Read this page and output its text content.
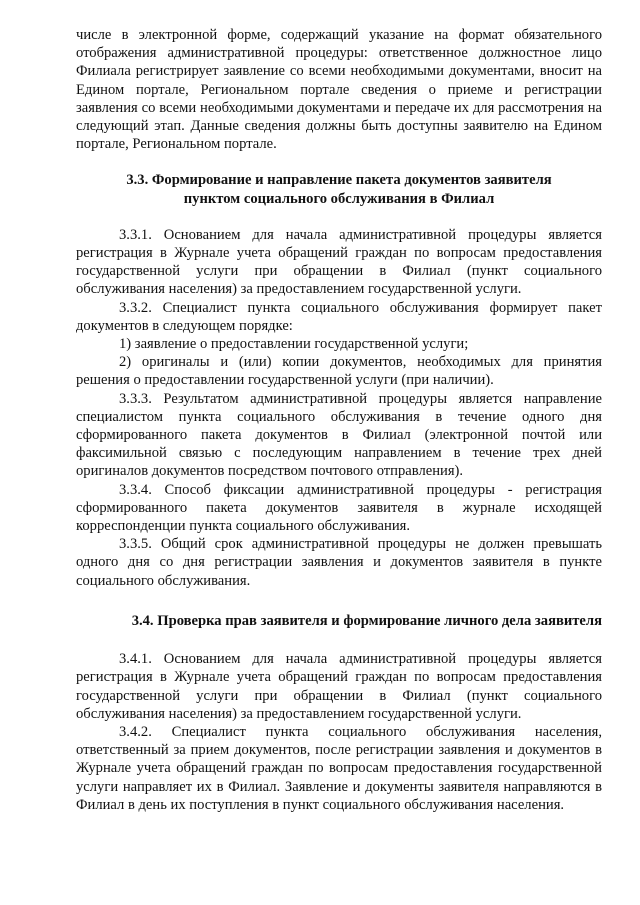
числе в электронной форме, содержащий указание на формат обязательного отображения административной процедуры: ответственное должностное лицо Филиала регистрирует заявление со всеми необходимыми документами, вносит на Едином портале, Региональном портале сведения о приеме и регистрации заявления со всеми необходимыми документами и передаче их для рассмотрения на следующий этап. Данные сведения должны быть доступны заявителю на Едином портале, Региональном портале.

3.3. Формирование и направление пакета документов заявителя пунктом социального обслуживания в Филиал

3.3.1. Основанием для начала административной процедуры является регистрация в Журнале учета обращений граждан по вопросам предоставления государственной услуги при обращении в Филиал (пункт социального обслуживания населения) за предоставлением государственной услуги.

3.3.2. Специалист пункта социального обслуживания формирует пакет документов в следующем порядке:

1) заявление о предоставлении государственной услуги;

2) оригиналы и (или) копии документов, необходимых для принятия решения о предоставлении государственной услуги (при наличии).

3.3.3. Результатом административной процедуры является направление специалистом пункта социального обслуживания в течение одного дня сформированного пакета документов в Филиал (электронной почтой или факсимильной связью с последующим направлением в течение трех дней оригиналов документов посредством почтового отправления).

3.3.4. Способ фиксации административной процедуры - регистрация сформированного пакета документов заявителя в журнале исходящей корреспонденции пункта социального обслуживания.

3.3.5. Общий срок административной процедуры не должен превышать одного дня со дня регистрации заявления и документов заявителя в пункте социального обслуживания.

3.4. Проверка прав заявителя и формирование личного дела заявителя

3.4.1. Основанием для начала административной процедуры является регистрация в Журнале учета обращений граждан по вопросам предоставления государственной услуги при обращении в Филиал (пункт социального обслуживания населения) за предоставлением государственной услуги.

3.4.2. Специалист пункта социального обслуживания населения, ответственный за прием документов, после регистрации заявления и документов в Журнале учета обращений граждан по вопросам предоставления государственной услуги направляет их в Филиал. Заявление и документы заявителя направляются в Филиал в день их поступления в пункт социального обслуживания населения.
